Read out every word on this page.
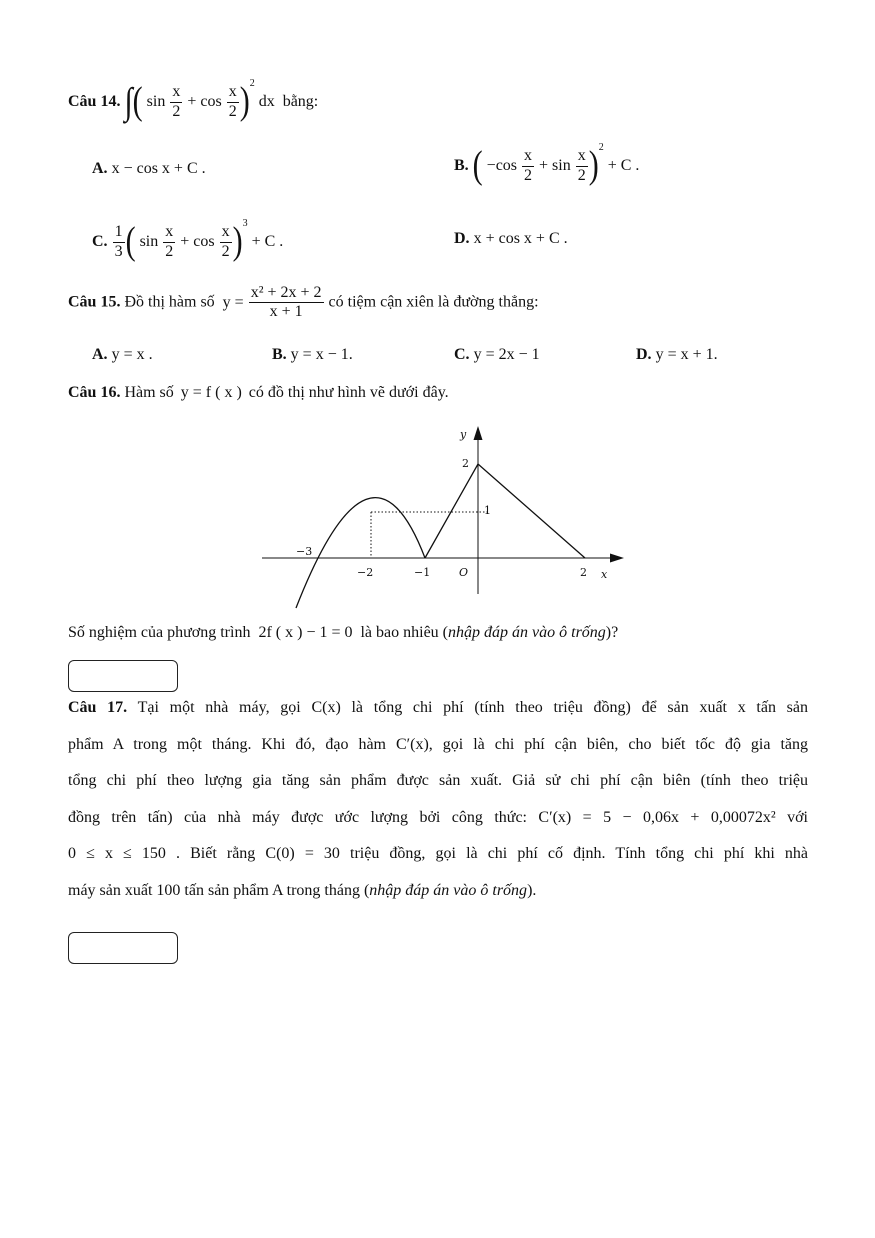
Câu 14. ∫( $\sin \frac{x}{2} + \cos \frac{x}{2} )^2$ dx bằng:
A. x − cos x + C .	B. ( $-\cos \frac{x}{2} + \sin \frac{x}{2} )^2 + C$ .
C. $\frac{1}{3}$ ( $\sin \frac{x}{2} + \cos \frac{x}{2} )^3 + C$ .	D. x + cos x + C .
Câu 15. Đồ thị hàm số $y = \frac{\text{x² + 2x + 2}}{x + 1}$ có tiệm cận xiên là đường thẳng:
A. y = x .	B. y = x − 1.	C. y = 2x − 1	D. y = x + 1.
Câu 16. Hàm số y = f ( x ) có đồ thị như hình vẽ dưới đây.
y
x
O
2
1
−3
−2	−1	2
Số nghiệm của phương trình 2f ( x ) − 1 = 0 là bao nhiêu (nhập đáp án vào ô trống)?
Câu 17. Tại một nhà máy, gọi C(x) là tổng chi phí (tính theo triệu đồng) để sản xuất x tấn sản
phẩm A trong một tháng. Khi đó, đạo hàm C′(x), gọi là chi phí cận biên, cho biết tốc độ gia tăng
tổng chi phí theo lượng gia tăng sản phẩm được sản xuất. Giả sử chi phí cận biên (tính theo triệu
đồng trên tấn) của nhà máy được ước lượng bởi công thức: C′(x) = 5 − 0,06x + 0,00072x² với
0 ≤ x ≤ 150 . Biết rằng C(0) = 30 triệu đồng, gọi là chi phí cố định. Tính tổng chi phí khi nhà
máy sản xuất 100 tấn sản phẩm A trong tháng (nhập đáp án vào ô trống).
